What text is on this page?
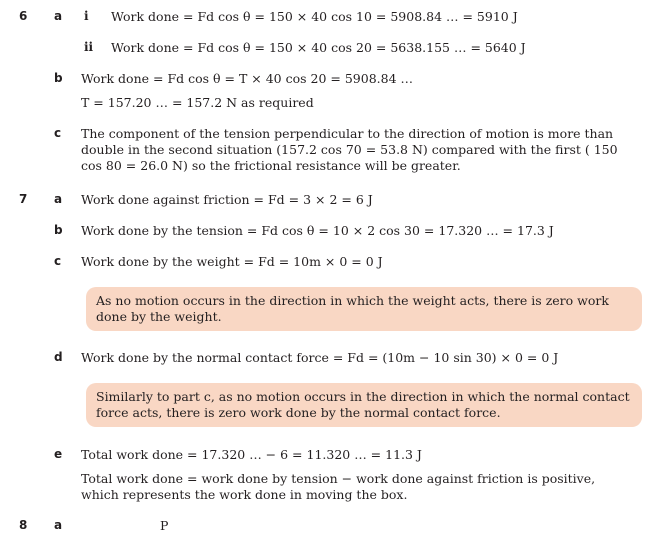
6 a i Work done = Fd cos θ = 150 × 40 cos 10 = 5908.84 … = 5910 J
ii Work done = Fd cos θ = 150 × 40 cos 20 = 5638.155 … = 5640 J
b Work done = Fd cos θ = T × 40 cos 20 = 5908.84 …
T = 157.20 … = 157.2 N as required
c The component of the tension perpendicular to the direction of motion is more than double in the second situation (157.2 cos 70 = 53.8 N) compared with the first ( 150 cos 80 = 26.0 N) so the frictional resistance will be greater.
7 a Work done against friction = Fd = 3 × 2 = 6 J
b Work done by the tension = Fd cos θ = 10 × 2 cos 30 = 17.320 … = 17.3 J
c Work done by the weight = Fd = 10m × 0 = 0 J
As no motion occurs in the direction in which the weight acts, there is zero work done by the weight.
d Work done by the normal contact force = Fd = (10m − 10 sin 30) × 0 = 0 J
Similarly to part c, as no motion occurs in the direction in which the normal contact force acts, there is zero work done by the normal contact force.
e Total work done = 17.320 … − 6 = 11.320 … = 11.3 J
Total work done = work done by tension − work done against friction is positive, which represents the work done in moving the box.
8 a	P
